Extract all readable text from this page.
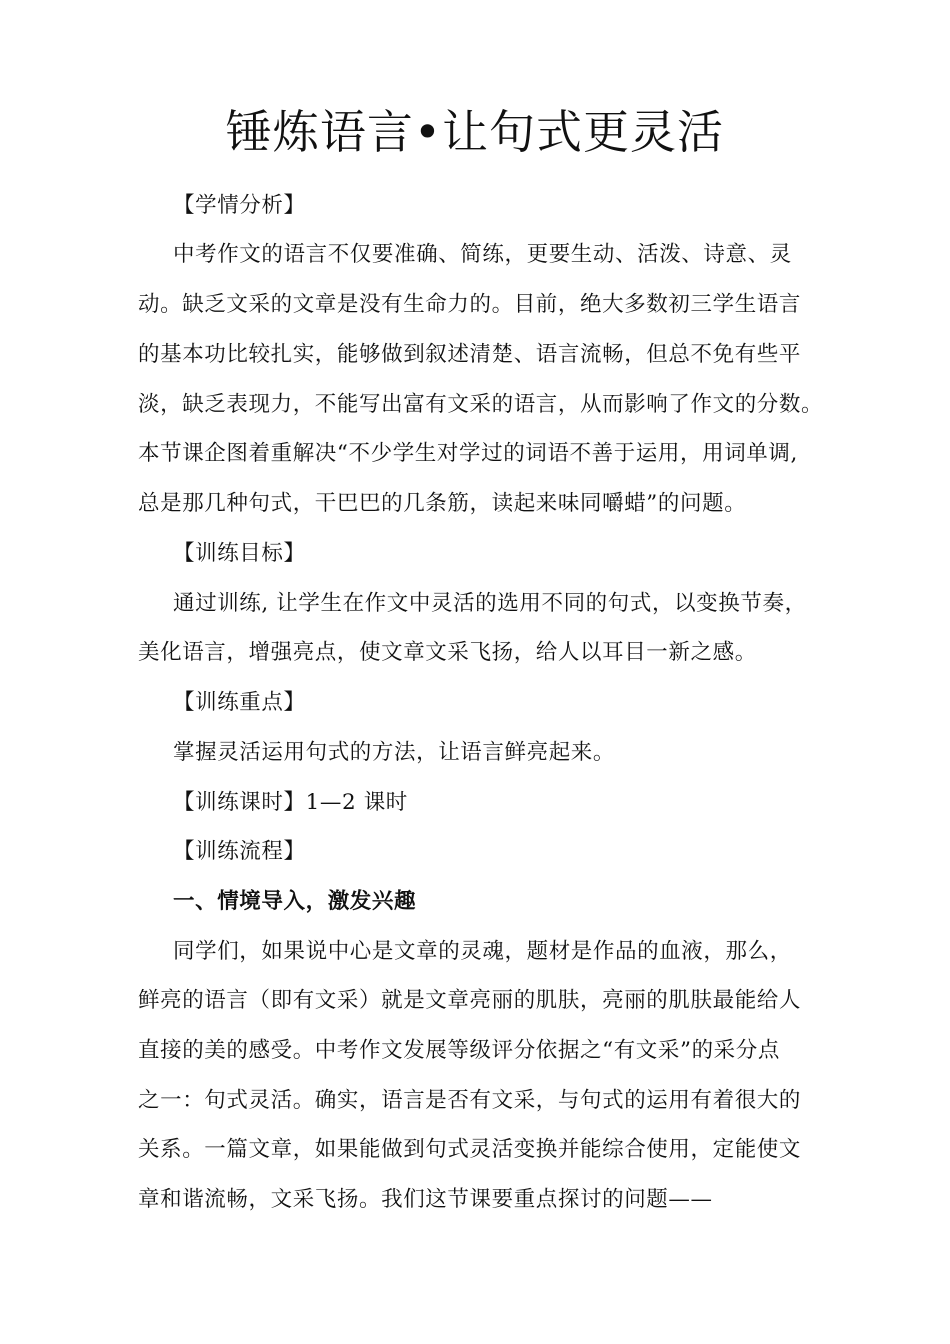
锤炼语言•让句式更灵活
【学情分析】
中考作文的语言不仅要准确、简练，更要生动、活泼、诗意、灵
动。缺乏文采的文章是没有生命力的。目前，绝大多数初三学生语言
的基本功比较扎实，能够做到叙述清楚、语言流畅，但总不免有些平
淡，缺乏表现力，不能写出富有文采的语言，从而影响了作文的分数。
本节课企图着重解决“不少学生对学过的词语不善于运用，用词单调,
总是那几种句式，干巴巴的几条筋，读起来味同嚼蜡”的问题。
【训练目标】
通过训练, 让学生在作文中灵活的选用不同的句式，以变换节奏，
美化语言，增强亮点，使文章文采飞扬，给人以耳目一新之感。
【训练重点】
掌握灵活运用句式的方法，让语言鲜亮起来。
【训练课时】1—2 课时
【训练流程】
一、情境导入，激发兴趣
同学们，如果说中心是文章的灵魂，题材是作品的血液，那么，
鲜亮的语言（即有文采）就是文章亮丽的肌肤，亮丽的肌肤最能给人
直接的美的感受。中考作文发展等级评分依据之“有文采”的采分点
之一：句式灵活。确实，语言是否有文采，与句式的运用有着很大的
关系。一篇文章，如果能做到句式灵活变换并能综合使用，定能使文
章和谐流畅，文采飞扬。我们这节课要重点探讨的问题——
